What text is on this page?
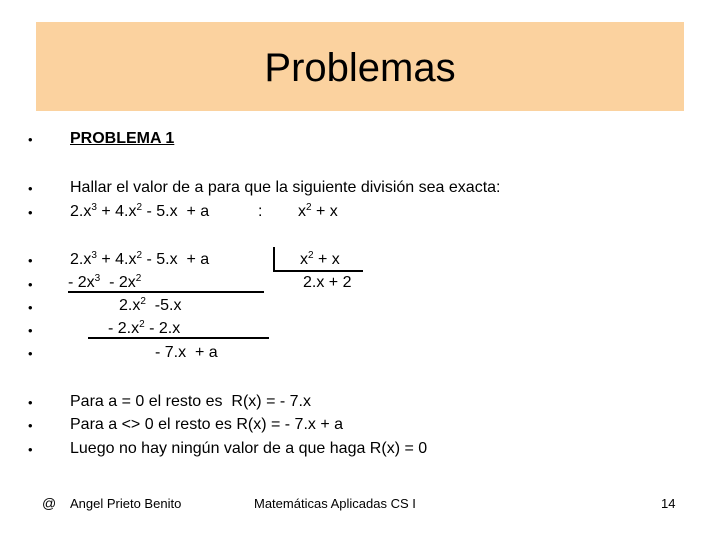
Problemas
•
•
•
•
•
•
•
•
•
•
•
PROBLEMA 1
Hallar el valor de a para que la siguiente división sea exacta:
$2.x^3 + 4.x^2 - 5.x + a$	: $x^2 + x$
$2.x^3 + 4.x^2 - 5.x + a$	$x^2 + x$
- $2x^3 - 2x^2$	2.x + 2
$2.x^2$  -5.x
- $2.x^2 - 2.x$
- 7.x  + a
Para a = 0 el resto es  R(x) = - 7.x
Para a <> 0 el resto es R(x) = - 7.x + a
Luego no hay ningún valor de a que haga R(x) = 0
@ Angel Prieto Benito	Matemáticas Aplicadas CS I	14
